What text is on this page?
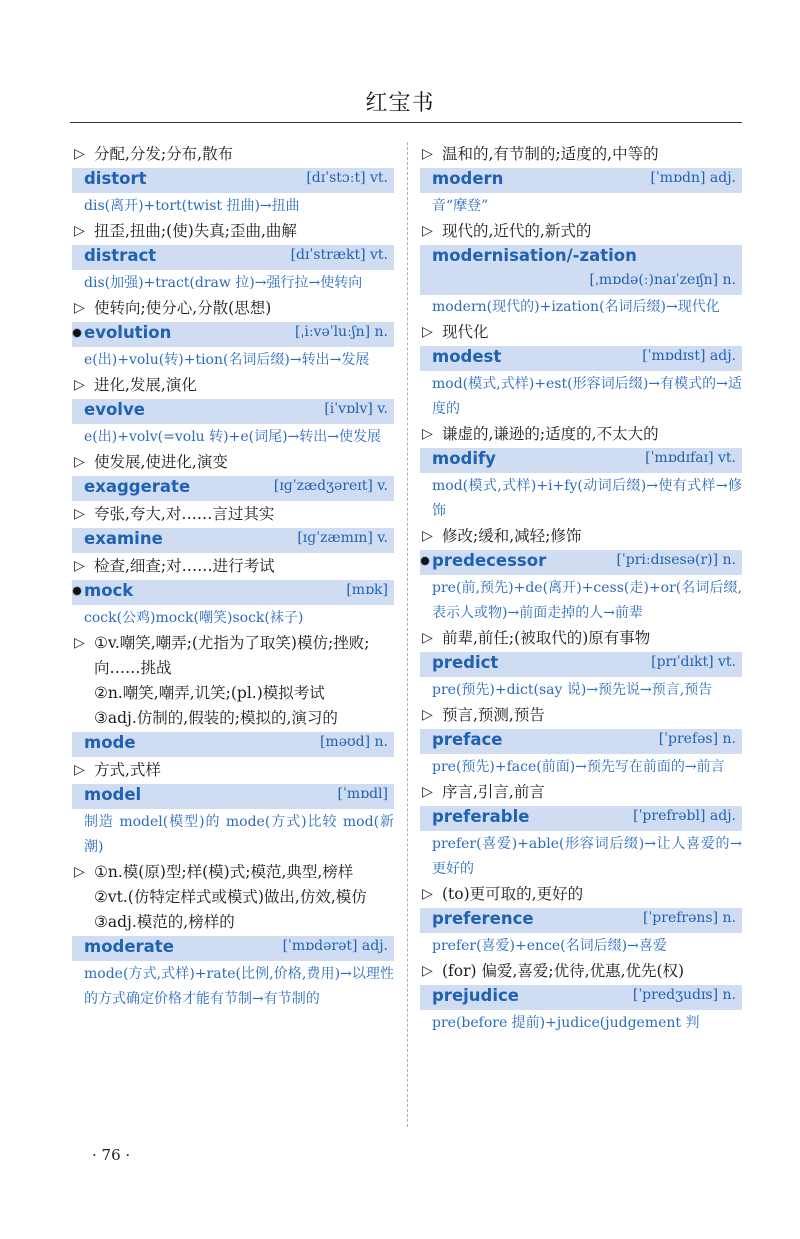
红宝书
▷ 分配,分发;分布,散布
distort	[dɪˈstɔːt] vt.
dis(离开)+tort(twist 扭曲)→扭曲
▷ 扭歪,扭曲;(使)失真;歪曲,曲解
distract	[dɪˈstrækt] vt.
dis(加强)+tract(draw 拉)→强行拉→使转向
▷ 使转向;使分心,分散(思想)
evolution	[ˌiːvəˈluːʃn] n.
e(出)+volu(转)+tion(名词后缀)→转出→发展
▷ 进化,发展,演化
evolve	[iˈvɒlv] v.
e(出)+volv(=volu 转)+e(词尾)→转出→使发展
▷ 使发展,使进化,演变
exaggerate	[ɪɡˈzædʒəreɪt] v.
▷ 夸张,夸大,对……言过其实
examine	[ɪɡˈzæmɪn] v.
▷ 检查,细查;对……进行考试
mock	[mɒk]
cock(公鸡)mock(嘲笑)sock(袜子)
▷ ①v.嘲笑,嘲弄;(尤指为了取笑)模仿;挫败;向……挑战
②n.嘲笑,嘲弄,讥笑;(pl.)模拟考试
③adj.仿制的,假装的;模拟的,演习的
mode	[məʊd] n.
▷ 方式,式样
model	[ˈmɒdl]
制造 model(模型)的 mode(方式)比较 mod(新潮)
▷ ①n.模(原)型;样(模)式;模范,典型,榜样
②vt.(仿特定样式或模式)做出,仿效,模仿
③adj.模范的,榜样的
moderate	[ˈmɒdərət] adj.
mode(方式,式样)+rate(比例,价格,费用)→以理性的方式确定价格才能有节制→有节制的
▷ 温和的,有节制的;适度的,中等的
modern	[ˈmɒdn] adj.
音“摩登”
▷ 现代的,近代的,新式的
modernisation/-zation
[ˌmɒdə(ː)naɪˈzeɪʃn] n.
modern(现代的)+ization(名词后缀)→现代化
▷ 现代化
modest	[ˈmɒdɪst] adj.
mod(模式,式样)+est(形容词后缀)→有模式的→适度的
▷ 谦虚的,谦逊的;适度的,不太大的
modify	[ˈmɒdɪfaɪ] vt.
mod(模式,式样)+i+fy(动词后缀)→使有式样→修饰
▷ 修改;缓和,减轻;修饰
predecessor	[ˈpriːdɪsesə(r)] n.
pre(前,预先)+de(离开)+cess(走)+or(名词后缀,表示人或物)→前面走掉的人→前辈
▷ 前辈,前任;(被取代的)原有事物
predict	[prɪˈdɪkt] vt.
pre(预先)+dict(say 说)→预先说→预言,预告
▷ 预言,预测,预告
preface	[ˈprefəs] n.
pre(预先)+face(前面)→预先写在前面的→前言
▷ 序言,引言,前言
preferable	[ˈprefrəbl] adj.
prefer(喜爱)+able(形容词后缀)→让人喜爱的→更好的
▷ (to)更可取的,更好的
preference	[ˈprefrəns] n.
prefer(喜爱)+ence(名词后缀)→喜爱
▷ (for) 偏爱,喜爱;优待,优惠,优先(权)
prejudice	[ˈpredʒudɪs] n.
pre(before 提前)+judice(judgement 判
· 76 ·
